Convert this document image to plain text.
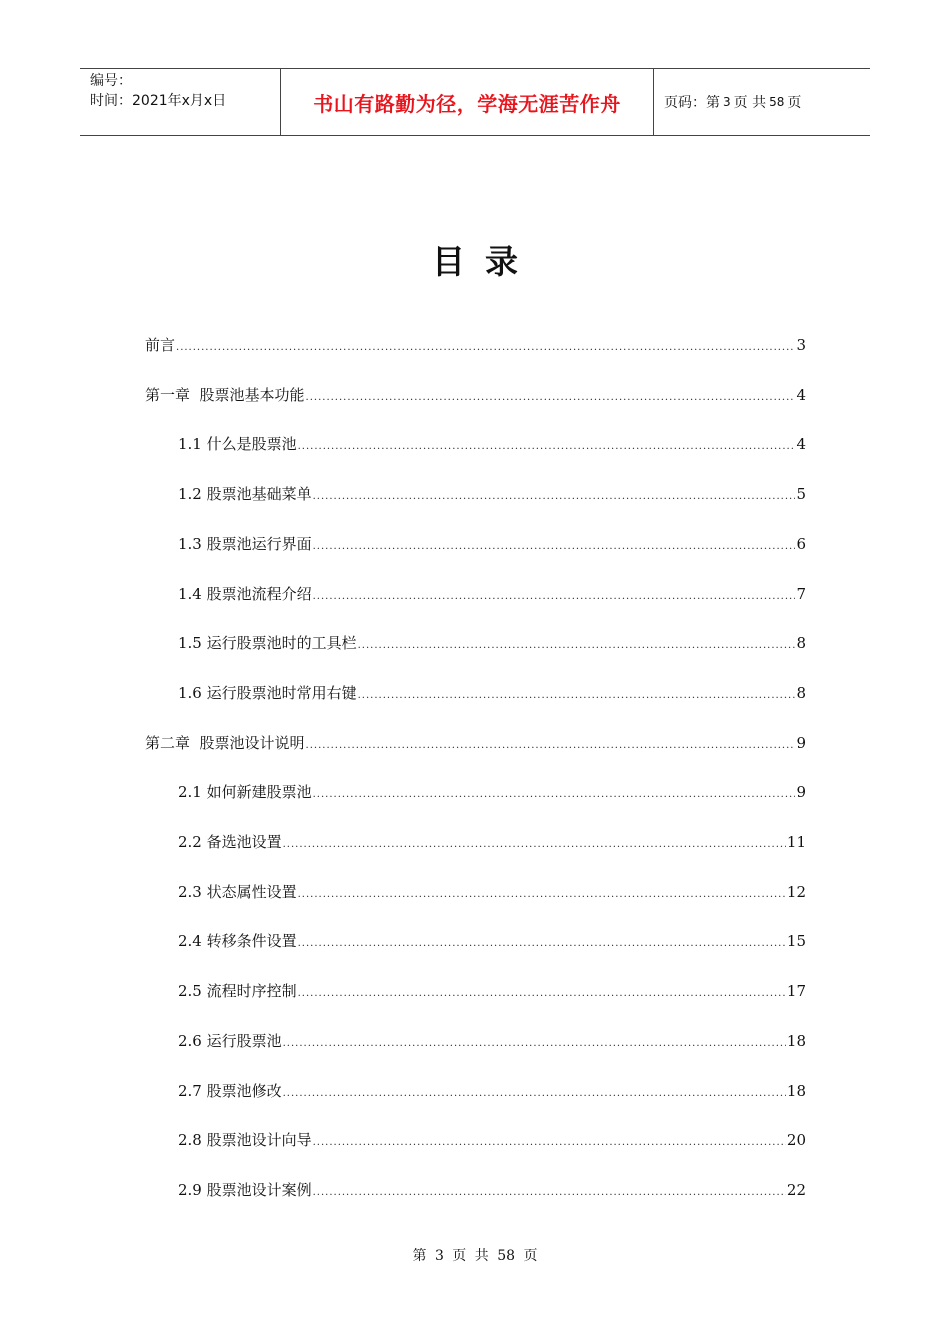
编号：
时间：2021年x月x日	书山有路勤为径，学海无涯苦作舟	页码：第 3 页 共 58 页
目录
前言 .....	3
第一章  股票池基本功能 .....	4
1.1 什么是股票池 .....	4
1.2 股票池基础菜单 .....	5
1.3 股票池运行界面 .....	6
1.4 股票池流程介绍 .....	7
1.5 运行股票池时的工具栏 .....	8
1.6 运行股票池时常用右键 .....	8
第二章  股票池设计说明 .....	9
2.1 如何新建股票池 .....	9
2.2 备选池设置 .....	11
2.3 状态属性设置 .....	12
2.4 转移条件设置 .....	15
2.5 流程时序控制 .....	17
2.6 运行股票池 .....	18
2.7 股票池修改 .....	18
2.8 股票池设计向导 .....	20
2.9 股票池设计案例 .....	22
第 3 页 共 58 页
